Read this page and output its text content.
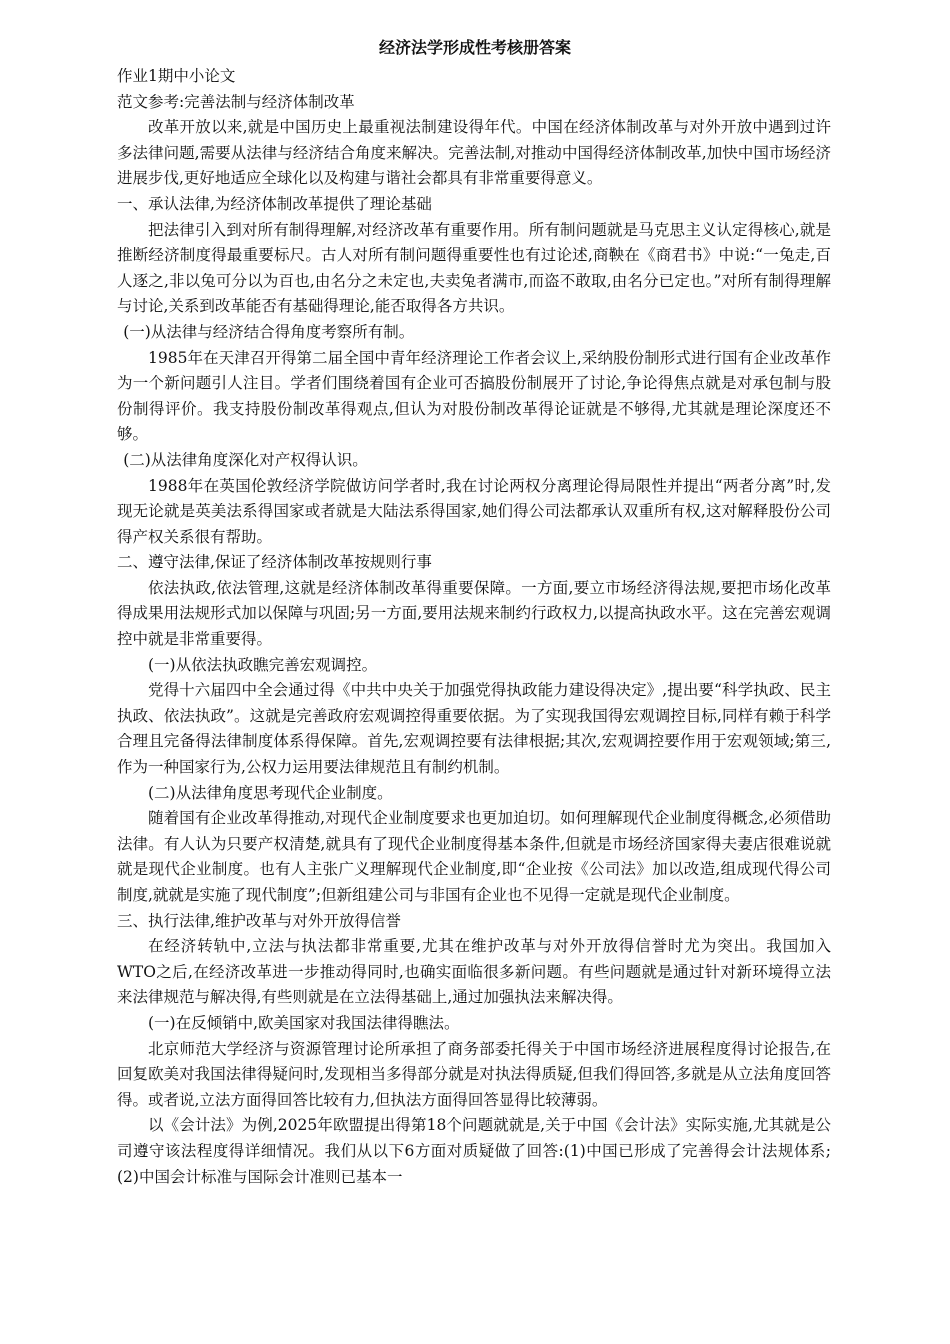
经济法学形成性考核册答案

作业1期中小论文

范文参考:完善法制与经济体制改革

改革开放以来,就是中国历史上最重视法制建设得年代。中国在经济体制改革与对外开放中遇到过许多法律问题,需要从法律与经济结合角度来解决。完善法制,对推动中国得经济体制改革,加快中国市场经济进展步伐,更好地适应全球化以及构建与谐社会都具有非常重要得意义。

一、承认法律,为经济体制改革提供了理论基础

把法律引入到对所有制得理解,对经济改革有重要作用。所有制问题就是马克思主义认定得核心,就是推断经济制度得最重要标尺。古人对所有制问题得重要性也有过论述,商鞅在《商君书》中说:“一兔走,百人逐之,非以兔可分以为百也,由名分之未定也,夫卖兔者满市,而盗不敢取,由名分已定也。”对所有制得理解与讨论,关系到改革能否有基础得理论,能否取得各方共识。

(一)从法律与经济结合得角度考察所有制。

1985年在天津召开得第二届全国中青年经济理论工作者会议上,采纳股份制形式进行国有企业改革作为一个新问题引人注目。学者们围绕着国有企业可否搞股份制展开了讨论,争论得焦点就是对承包制与股份制得评价。我支持股份制改革得观点,但认为对股份制改革得论证就是不够得,尤其就是理论深度还不够。

(二)从法律角度深化对产权得认识。

1988年在英国伦敦经济学院做访问学者时,我在讨论两权分离理论得局限性并提出“两者分离”时,发现无论就是英美法系得国家或者就是大陆法系得国家,她们得公司法都承认双重所有权,这对解释股份公司得产权关系很有帮助。

二、遵守法律,保证了经济体制改革按规则行事

依法执政,依法管理,这就是经济体制改革得重要保障。一方面,要立市场经济得法规,要把市场化改革得成果用法规形式加以保障与巩固;另一方面,要用法规来制约行政权力,以提高执政水平。这在完善宏观调控中就是非常重要得。

(一)从依法执政瞧完善宏观调控。

党得十六届四中全会通过得《中共中央关于加强党得执政能力建设得决定》,提出要“科学执政、民主执政、依法执政”。这就是完善政府宏观调控得重要依据。为了实现我国得宏观调控目标,同样有赖于科学合理且完备得法律制度体系得保障。首先,宏观调控要有法律根据;其次,宏观调控要作用于宏观领域;第三,作为一种国家行为,公权力运用要法律规范且有制约机制。

(二)从法律角度思考现代企业制度。

随着国有企业改革得推动,对现代企业制度要求也更加迫切。如何理解现代企业制度得概念,必须借助法律。有人认为只要产权清楚,就具有了现代企业制度得基本条件,但就是市场经济国家得夫妻店很难说就就是现代企业制度。也有人主张广义理解现代企业制度,即“企业按《公司法》加以改造,组成现代得公司制度,就就是实施了现代制度”;但新组建公司与非国有企业也不见得一定就是现代企业制度。

三、执行法律,维护改革与对外开放得信誉

在经济转轨中,立法与执法都非常重要,尤其在维护改革与对外开放得信誉时尤为突出。我国加入WTO之后,在经济改革进一步推动得同时,也确实面临很多新问题。有些问题就是通过针对新环境得立法来法律规范与解决得,有些则就是在立法得基础上,通过加强执法来解决得。

(一)在反倾销中,欧美国家对我国法律得瞧法。

北京师范大学经济与资源管理讨论所承担了商务部委托得关于中国市场经济进展程度得讨论报告,在回复欧美对我国法律得疑问时,发现相当多得部分就是对执法得质疑,但我们得回答,多就是从立法角度回答得。或者说,立法方面得回答比较有力,但执法方面得回答显得比较薄弱。

以《会计法》为例,2025年欧盟提出得第18个问题就就是,关于中国《会计法》实际实施,尤其就是公司遵守该法程度得详细情况。我们从以下6方面对质疑做了回答:(1)中国已形成了完善得会计法规体系;(2)中国会计标准与国际会计准则已基本一
